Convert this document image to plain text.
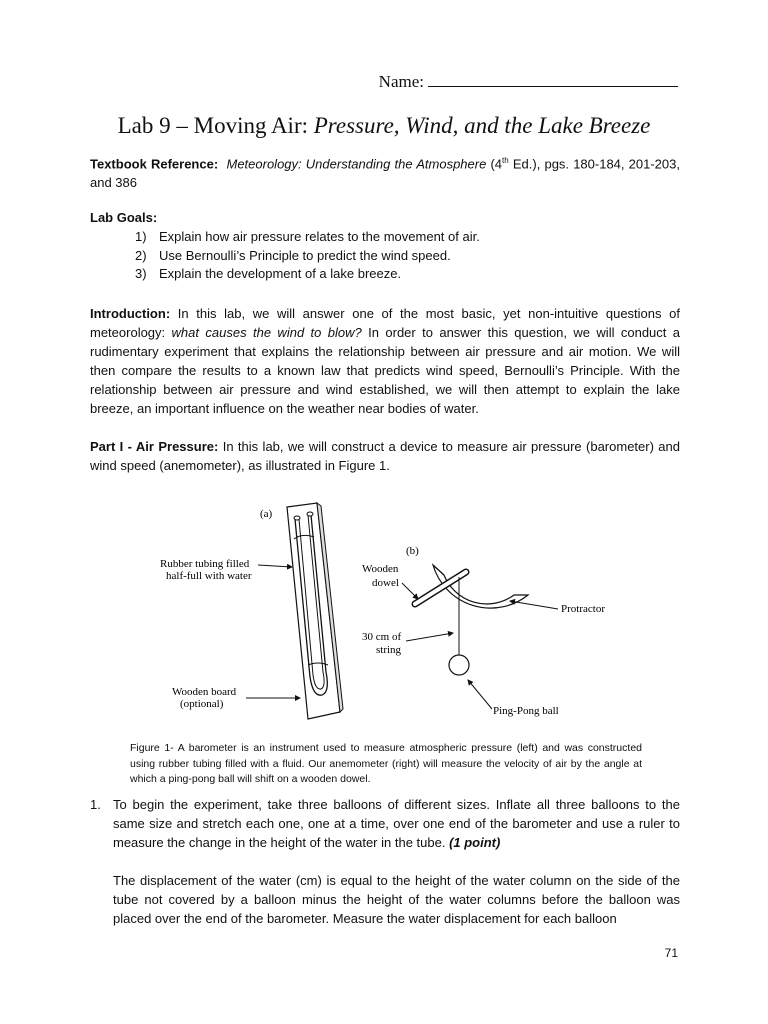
Name:
Lab 9 – Moving Air: Pressure, Wind, and the Lake Breeze
Textbook Reference: Meteorology: Understanding the Atmosphere (4th Ed.), pgs. 180-184, 201-203, and 386
Lab Goals:
1) Explain how air pressure relates to the movement of air.
2) Use Bernoulli’s Principle to predict the wind speed.
3) Explain the development of a lake breeze.
Introduction: In this lab, we will answer one of the most basic, yet non-intuitive questions of meteorology: what causes the wind to blow? In order to answer this question, we will conduct a rudimentary experiment that explains the relationship between air pressure and air motion. We will then compare the results to a known law that predicts wind speed, Bernoulli’s Principle. With the relationship between air pressure and wind established, we will then attempt to explain the lake breeze, an important influence on the weather near bodies of water.
Part I - Air Pressure: In this lab, we will construct a device to measure air pressure (barometer) and wind speed (anemometer), as illustrated in Figure 1.
(a)
Rubber tubing filled
half-full with water
Wooden board
(optional)
(b)
Wooden
dowel
Protractor
30 cm of
string
Ping-Pong ball
Figure 1- A barometer is an instrument used to measure atmospheric pressure (left) and was constructed using rubber tubing filled with a fluid. Our anemometer (right) will measure the velocity of air by the angle at which a ping-pong ball will shift on a wooden dowel.
1. To begin the experiment, take three balloons of different sizes. Inflate all three balloons to the same size and stretch each one, one at a time, over one end of the barometer and use a ruler to measure the change in the height of the water in the tube. (1 point)
The displacement of the water (cm) is equal to the height of the water column on the side of the tube not covered by a balloon minus the height of the water columns before the balloon was placed over the end of the barometer. Measure the water displacement for each balloon
71
